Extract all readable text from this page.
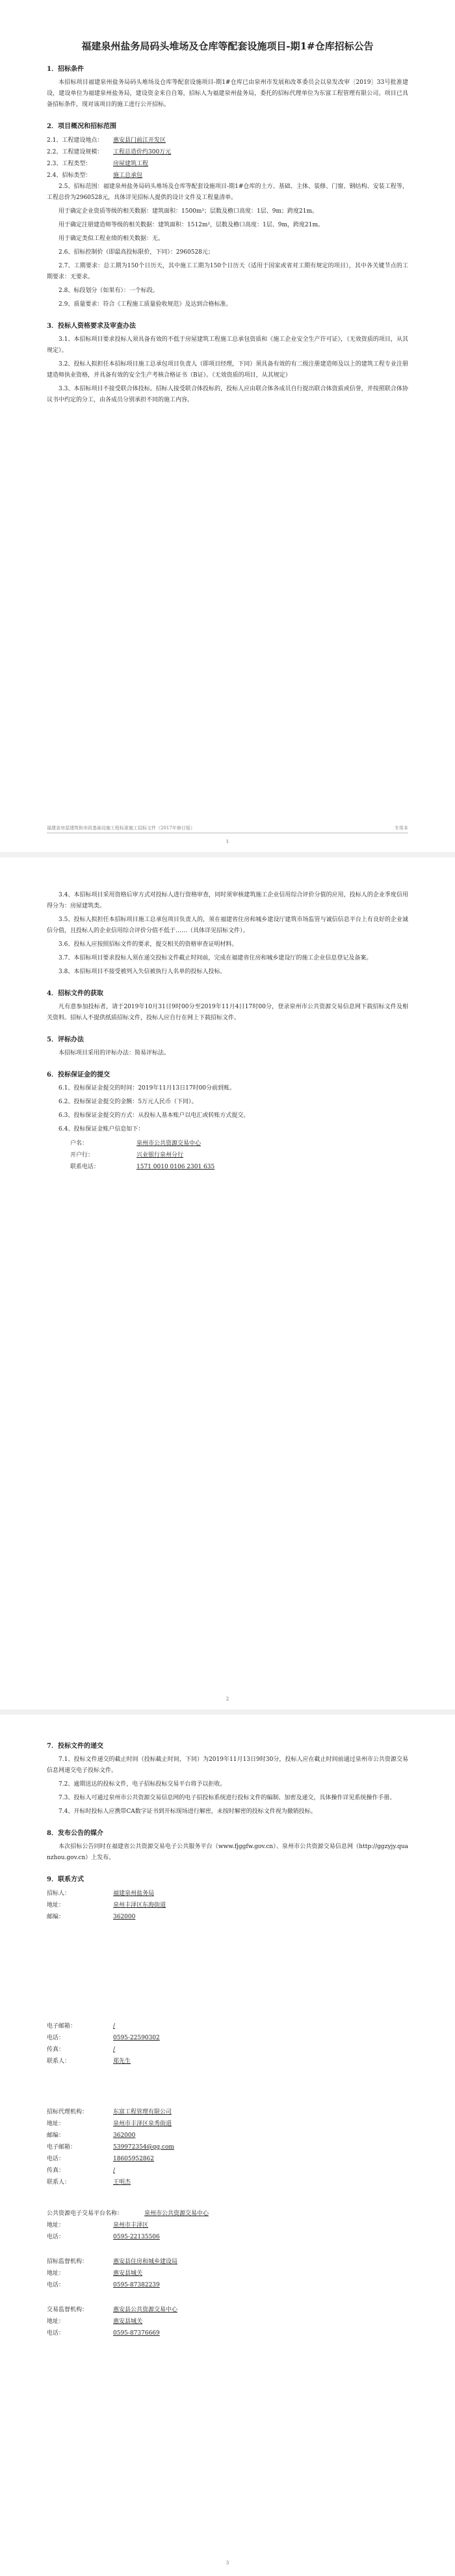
福建泉州盐务局码头堆场及仓库等配套设施项目-期1#仓库招标公告
1．招标条件

本招标项目福建泉州盐务局码头堆场及仓库等配套设施项目-期1#仓库已由泉州市发展和改革委员会以泉发改审〔2019〕33号批准建设，建设单位为福建泉州盐务局，建设资金来自自筹，招标人为福建泉州盐务局，委托的招标代理单位为东富工程管理有限公司。项目已具备招标条件，现对该项目的施工进行公开招标。

2．项目概况和招标范围
2.1、工程建设地点： 惠安县门前江开发区
2.2、工程建设规模： 工程总造价约300万元
2.3、工程类型：	房屋建筑工程
2.4、招标类型：	施工总承包

2.5、招标范围：福建泉州盐务局码头堆场及仓库等配套设施项目-期1#仓库的土方、基础、主体、装修、门窗、钢结构、安装工程等，工程总价为2960528元，具体详见招标人提供的设计文件及工程量清单。

用于确定企业资质等级的相关数据：建筑面积：1500m²；层数及檐口高度：1层、9m；跨度21m。

用于确定注册建造师等级的相关数据：建筑面积：1512m²，层数及檐口高度：1层、9m，跨度21m。

用于确定类似工程业绩的相关数据：无。

2.6、招标控制价（即最高投标限价，下同）：2960528元；

2.7、工期要求：总工期为150个日历天，其中施工工期为150个日历天（适用于国家或省对工期有规定的项目），其中各关键节点的工期要求：无要求。

2.8、标段划分（如果有）：一个标段。

2.9、质量要求：符合《工程施工质量验收规范》及达到合格标准。

3．投标人资格要求及审查办法

3.1、本招标项目要求投标人须具备有效的不低于房屋建筑工程施工总承包资质和《施工企业安全生产许可证》，（无效资质的项目，从其规定）。

3.2、投标人拟担任本招标项目施工总承包项目负责人（即项目经理，下同）须具备有效的有二级注册建造师及以上的建筑工程专业注册建造师执业资格，并具备有效的安全生产考核合格证书（B证）。（无效资质的项目，从其规定）

3.3、本招标项目不接受联合体投标。招标人接受联合体投标的，投标人应由联合体各成员自行提出联合体资质或信誉，并按照联合体协议书中约定的分工，由各成员分别承担不同的施工内容。

福建省房屋建筑和市政基础设施工程标准施工招标文件（2017年修订版）	专用本
1

3.4、本招标项目采用资格后审方式对投标人进行资格审查，同时须审核建筑施工企业信用综合评价分值的应用，投标人的企业季度信用得分为：房屋建筑类。

3.5、投标人拟担任本招标项目施工总承包项目负责人的，须在福建省住房和城乡建设厅建筑市场监管与诚信信息平台上有良好的企业诚信分值，且投标人的企业信用综合评价分值不低于……（具体详见招标文件）。

3.6、投标人应按照招标文件的要求，提交相关的资格审查证明材料。

3.7、本招标项目要求投标人须在递交投标文件截止时间前，完成在福建省住房和城乡建设厅的施工企业信息登记及备案。

3.8、本招标项目不接受被列入失信被执行人名单的投标人投标。

4．招标文件的获取

凡有意参加投标者，请于2019年10月31日9时00分至2019年11月4日17时00分，登录泉州市公共资源交易信息网下载招标文件及相关资料。招标人不提供纸质招标文件，投标人应自行在网上下载招标文件。

5．评标办法

本招标项目采用的评标办法：简易评标法。

6．投标保证金的提交

6.1、投标保证金提交的时间：2019年11月13日17时00分前到账。

6.2、投标保证金提交的金额：5万元人民币（下同）。

6.3、投标保证金提交的方式：从投标人基本账户以电汇或转账方式提交。

6.4、投标保证金账户信息如下：

户名：	泉州市公共资源交易中心
开户行：	兴业银行泉州分行
联系电话：	1571 0010 0106 2301 635
2
7．投标文件的递交

7.1、投标文件递交的截止时间（投标截止时间，下同）为2019年11月13日9时30分，投标人应在截止时间前通过泉州市公共资源交易信息网递交电子投标文件。

7.2、逾期送达的投标文件，电子招标投标交易平台将予以拒收。

7.3、投标人可通过泉州市公共资源交易信息网的电子招投标系统进行投标文件的编制、加密及递交，具体操作详见系统操作手册。

7.4、开标时投标人应携带CA数字证书到开标现场进行解密，未按时解密的投标文件视为撤销投标。

8．发布公告的媒介

本次招标公告同时在福建省公共资源交易电子公共服务平台（www.fjggfw.gov.cn）、泉州市公共资源交易信息网（http://ggzyjy.quanzhou.gov.cn）上发布。

9．联系方式
招标人：	福建泉州盐务局
地址：	泉州丰泽区东海街道
邮编：	362000
电子邮箱：	/
电话：	0595-22590302
传真：	/
联系人：	郑先生
招标代理机构：	东富工程管理有限公司
地址：	泉州市丰泽区泉秀街道
邮编：	362000
电子邮箱：	539972354@qq.com
电话：	18605952862
传真：	/
联系人：	王明杰
公共资源电子交易平台名称：	泉州市公共资源交易中心
地址：	泉州市丰泽区
电话：	0595-22135506
招标监督机构：	惠安县住房和城乡建设局
地址：	惠安县城关
电话：	0595-87382239
交易监督机构：	惠安县公共资源交易中心
地址：	惠安县城关
电话：	0595-87376669
3
